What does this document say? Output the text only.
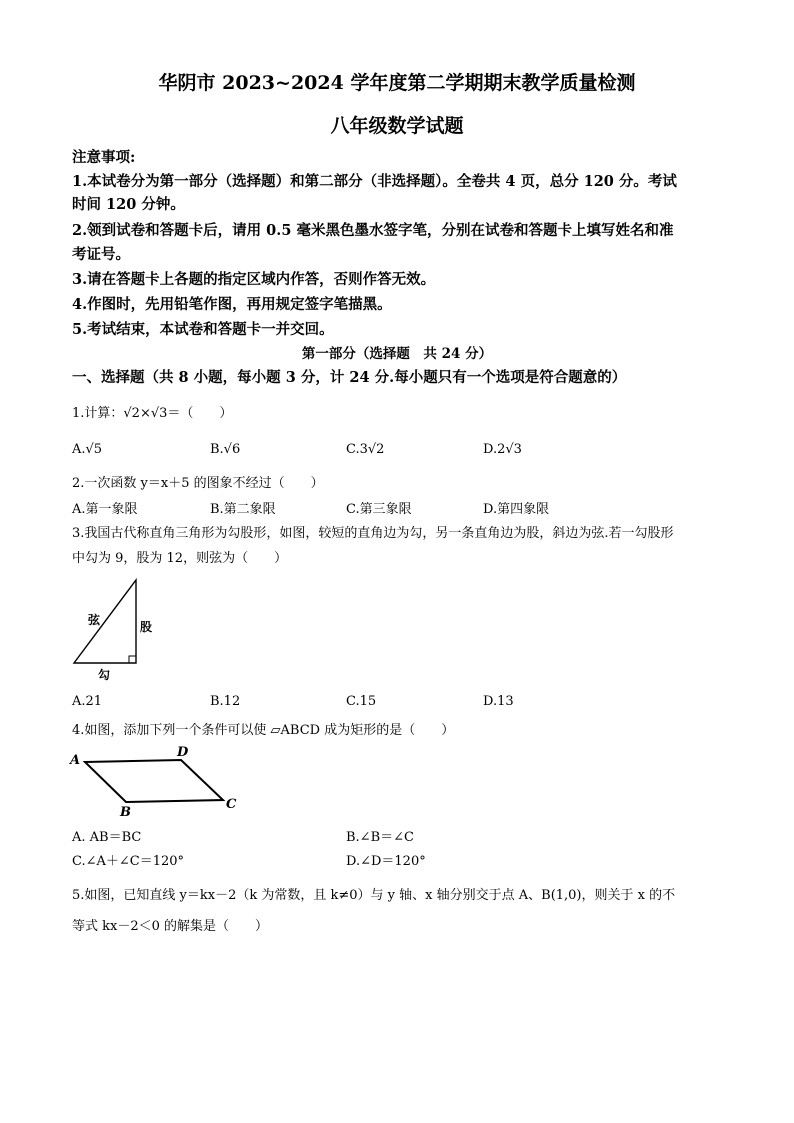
华阴市 2023~2024 学年度第二学期期末教学质量检测
八年级数学试题
注意事项:
1.本试卷分为第一部分（选择题）和第二部分（非选择题）。全卷共 4 页，总分 120 分。考试
时间 120 分钟。
2.领到试卷和答题卡后，请用 0.5 毫米黑色墨水签字笔，分别在试卷和答题卡上填写姓名和准
考证号。
3.请在答题卡上各题的指定区域内作答，否则作答无效。
4.作图时，先用铅笔作图，再用规定签字笔描黑。
5.考试结束，本试卷和答题卡一并交回。
第一部分（选择题　共 24 分）
一、选择题（共 8 小题，每小题 3 分，计 24 分.每小题只有一个选项是符合题意的）
1.计算：√2×√3＝（　　）
A.√5	B.√6	C.3√2	D.2√3
2.一次函数 y＝x＋5 的图象不经过（　　）
A.第一象限	B.第二象限	C.第三象限	D.第四象限
3.我国古代称直角三角形为勾股形，如图，较短的直角边为勾，另一条直角边为股，斜边为弦.若一勾股形
中勾为 9，股为 12，则弦为（　　）
弦	股
勾
A.21	B.12	C.15	D.13
4.如图，添加下列一个条件可以使 ▱ABCD 成为矩形的是（　　）
A
D
B
C
A. AB＝BC	B.∠B＝∠C
C.∠A＋∠C＝120°	D.∠D＝120°
5.如图，已知直线 y＝kx－2（k 为常数，且 k≠0）与 y 轴、x 轴分别交于点 A、B(1,0)，则关于 x 的不
等式 kx－2＜0 的解集是（　　）
